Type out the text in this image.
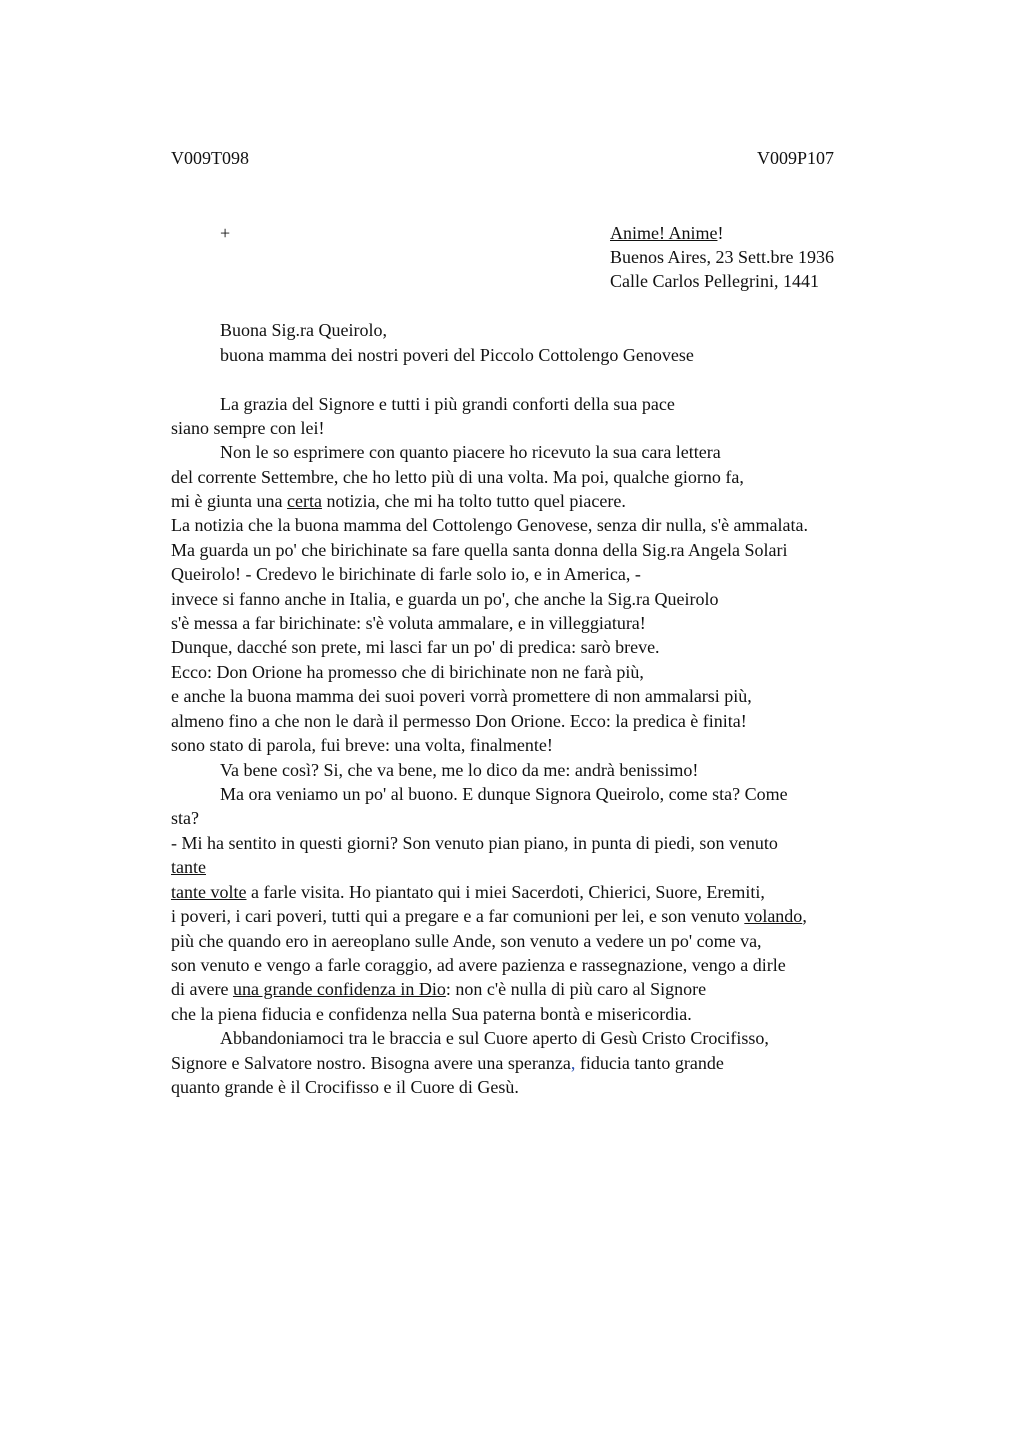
V009T098	V009P107
+	Anime! Anime!
Buenos Aires, 23 Sett.bre 1936
Calle Carlos Pellegrini, 1441
Buona Sig.ra Queirolo,
buona mamma dei nostri poveri del Piccolo Cottolengo Genovese
La grazia del Signore e tutti i più grandi conforti della sua pace
siano sempre con lei!
Non le so esprimere con quanto piacere ho ricevuto la sua cara lettera
del corrente Settembre, che ho letto più di una volta. Ma poi, qualche giorno fa,
mi è giunta una certa notizia, che mi ha tolto tutto quel piacere.
La notizia che la buona mamma del Cottolengo Genovese, senza dir nulla, s'è ammalata.
Ma guarda un po' che birichinate sa fare quella santa donna della Sig.ra Angela Solari
Queirolo! - Credevo le birichinate di farle solo io, e in America, -
invece si fanno anche in Italia, e guarda un po', che anche la Sig.ra Queirolo
s'è messa a far birichinate: s'è voluta ammalare, e in villeggiatura!
Dunque, dacché son prete, mi lasci far un po' di predica: sarò breve.
Ecco: Don Orione ha promesso che di birichinate non ne farà più,
e anche la buona mamma dei suoi poveri vorrà promettere di non ammalarsi più,
almeno fino a che non le darà il permesso Don Orione. Ecco: la predica è finita!
sono stato di parola, fui breve: una volta, finalmente!
Va bene così? Si, che va bene, me lo dico da me: andrà benissimo!
Ma ora veniamo un po' al buono. E dunque Signora Queirolo, come sta? Come
sta?
- Mi ha sentito in questi giorni? Son venuto pian piano, in punta di piedi, son venuto
tante
tante volte a farle visita. Ho piantato qui i miei Sacerdoti, Chierici, Suore, Eremiti,
i poveri, i cari poveri, tutti qui a pregare e a far comunioni per lei, e son venuto volando,
più che quando ero in aereoplano sulle Ande, son venuto a vedere un po' come va,
son venuto e vengo a farle coraggio, ad avere pazienza e rassegnazione, vengo a dirle
di avere una grande confidenza in Dio: non c'è nulla di più caro al Signore
che la piena fiducia e confidenza nella Sua paterna bontà e misericordia.
Abbandoniamoci tra le braccia e sul Cuore aperto di Gesù Cristo Crocifisso,
Signore e Salvatore nostro. Bisogna avere una speranza, fiducia tanto grande
quanto grande è il Crocifisso e il Cuore di Gesù.
